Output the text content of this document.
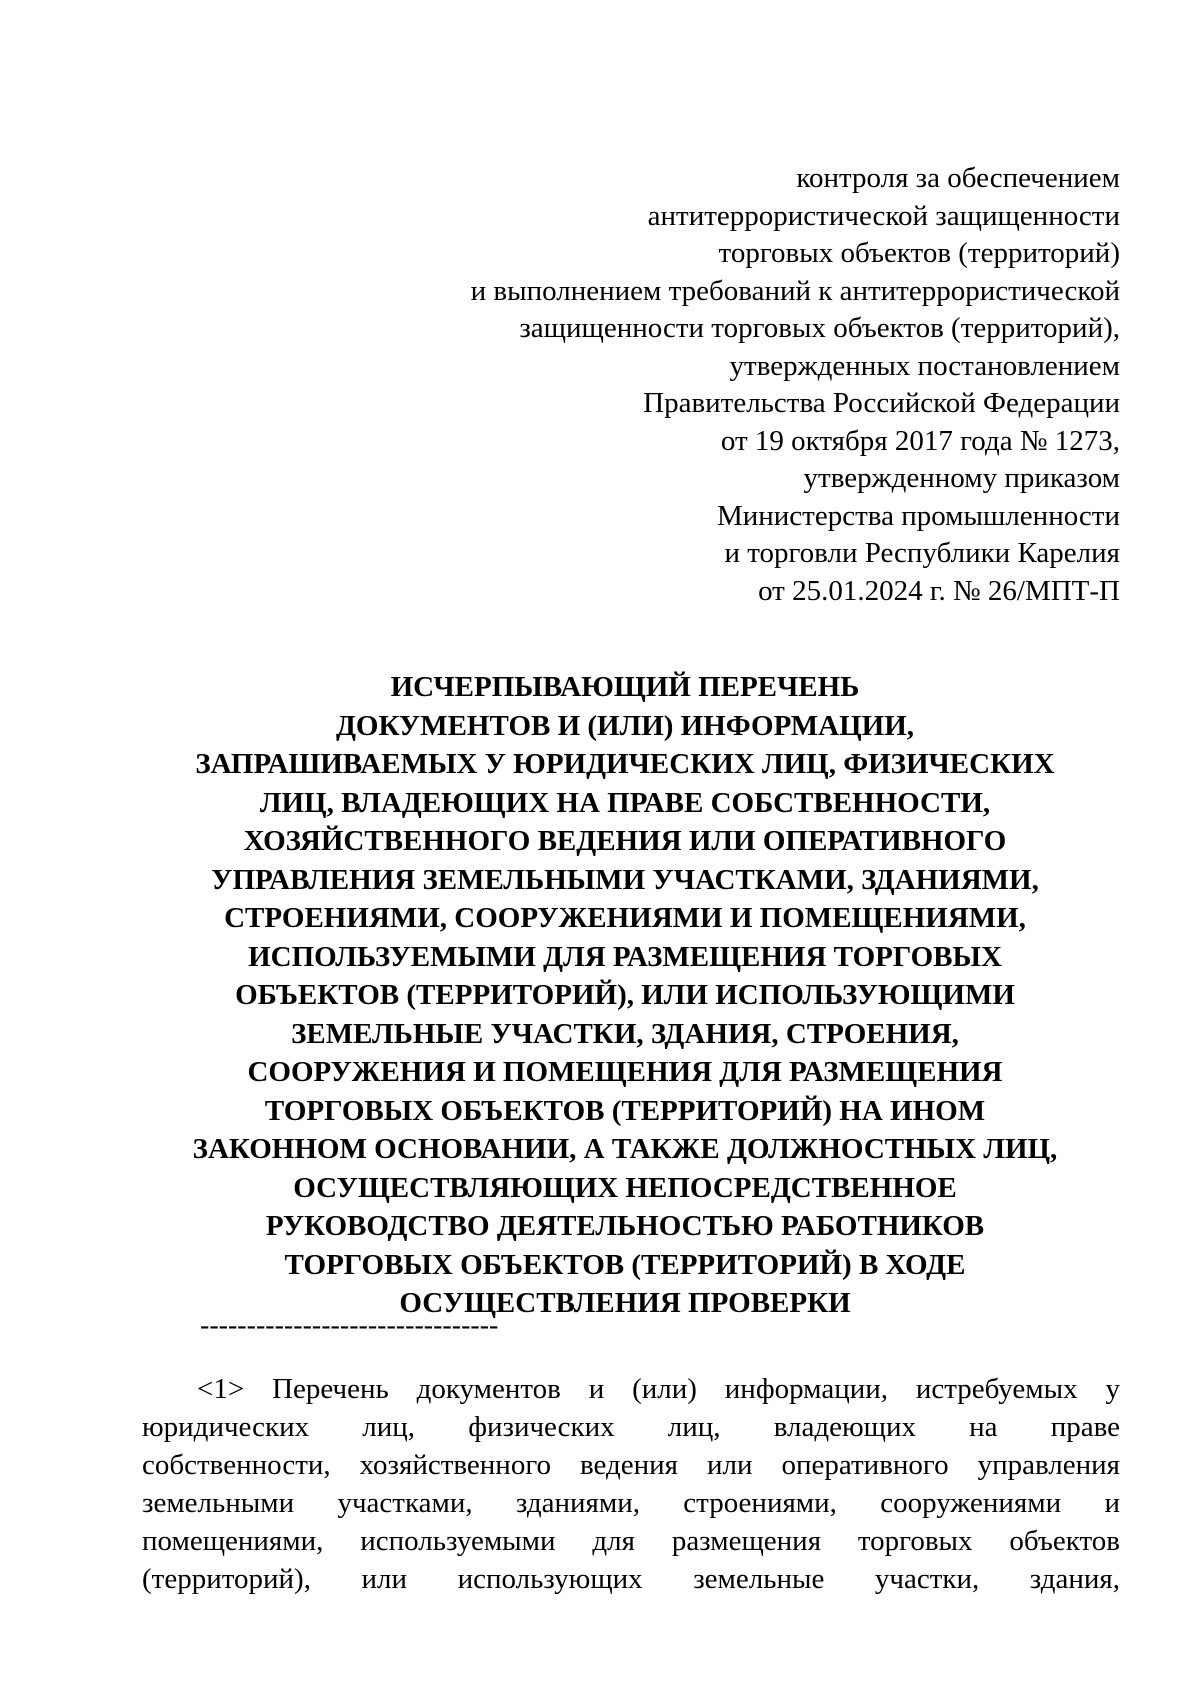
контроля за обеспечением
антитеррористической защищенности
торговых объектов (территорий)
и выполнением требований к антитеррористической
защищенности торговых объектов (территорий),
утвержденных постановлением
Правительства Российской Федерации
от 19 октября 2017 года № 1273,
утвержденному приказом
Министерства промышленности
и торговли Республики Карелия
от 25.01.2024 г. № 26/МПТ-П
ИСЧЕРПЫВАЮЩИЙ ПЕРЕЧЕНЬ
ДОКУМЕНТОВ И (ИЛИ) ИНФОРМАЦИИ,
ЗАПРАШИВАЕМЫХ У ЮРИДИЧЕСКИХ ЛИЦ, ФИЗИЧЕСКИХ
ЛИЦ, ВЛАДЕЮЩИХ НА ПРАВЕ СОБСТВЕННОСТИ,
ХОЗЯЙСТВЕННОГО ВЕДЕНИЯ ИЛИ ОПЕРАТИВНОГО
УПРАВЛЕНИЯ ЗЕМЕЛЬНЫМИ УЧАСТКАМИ, ЗДАНИЯМИ,
СТРОЕНИЯМИ, СООРУЖЕНИЯМИ И ПОМЕЩЕНИЯМИ,
ИСПОЛЬЗУЕМЫМИ ДЛЯ РАЗМЕЩЕНИЯ ТОРГОВЫХ
ОБЪЕКТОВ (ТЕРРИТОРИЙ), ИЛИ ИСПОЛЬЗУЮЩИМИ
ЗЕМЕЛЬНЫЕ УЧАСТКИ, ЗДАНИЯ, СТРОЕНИЯ,
СООРУЖЕНИЯ И ПОМЕЩЕНИЯ ДЛЯ РАЗМЕЩЕНИЯ
ТОРГОВЫХ ОБЪЕКТОВ (ТЕРРИТОРИЙ) НА ИНОМ
ЗАКОННОМ ОСНОВАНИИ, А ТАКЖЕ ДОЛЖНОСТНЫХ ЛИЦ,
ОСУЩЕСТВЛЯЮЩИХ НЕПОСРЕДСТВЕННОЕ
РУКОВОДСТВО ДЕЯТЕЛЬНОСТЬЮ РАБОТНИКОВ
ТОРГОВЫХ ОБЪЕКТОВ (ТЕРРИТОРИЙ) В ХОДЕ
ОСУЩЕСТВЛЕНИЯ ПРОВЕРКИ
--------------------------------
<1> Перечень документов и (или) информации, истребуемых у
юридических лиц, физических лиц, владеющих на праве
собственности, хозяйственного ведения или оперативного управления
земельными участками, зданиями, строениями, сооружениями и
помещениями, используемыми для размещения торговых объектов
(территорий), или использующих земельные участки, здания,
